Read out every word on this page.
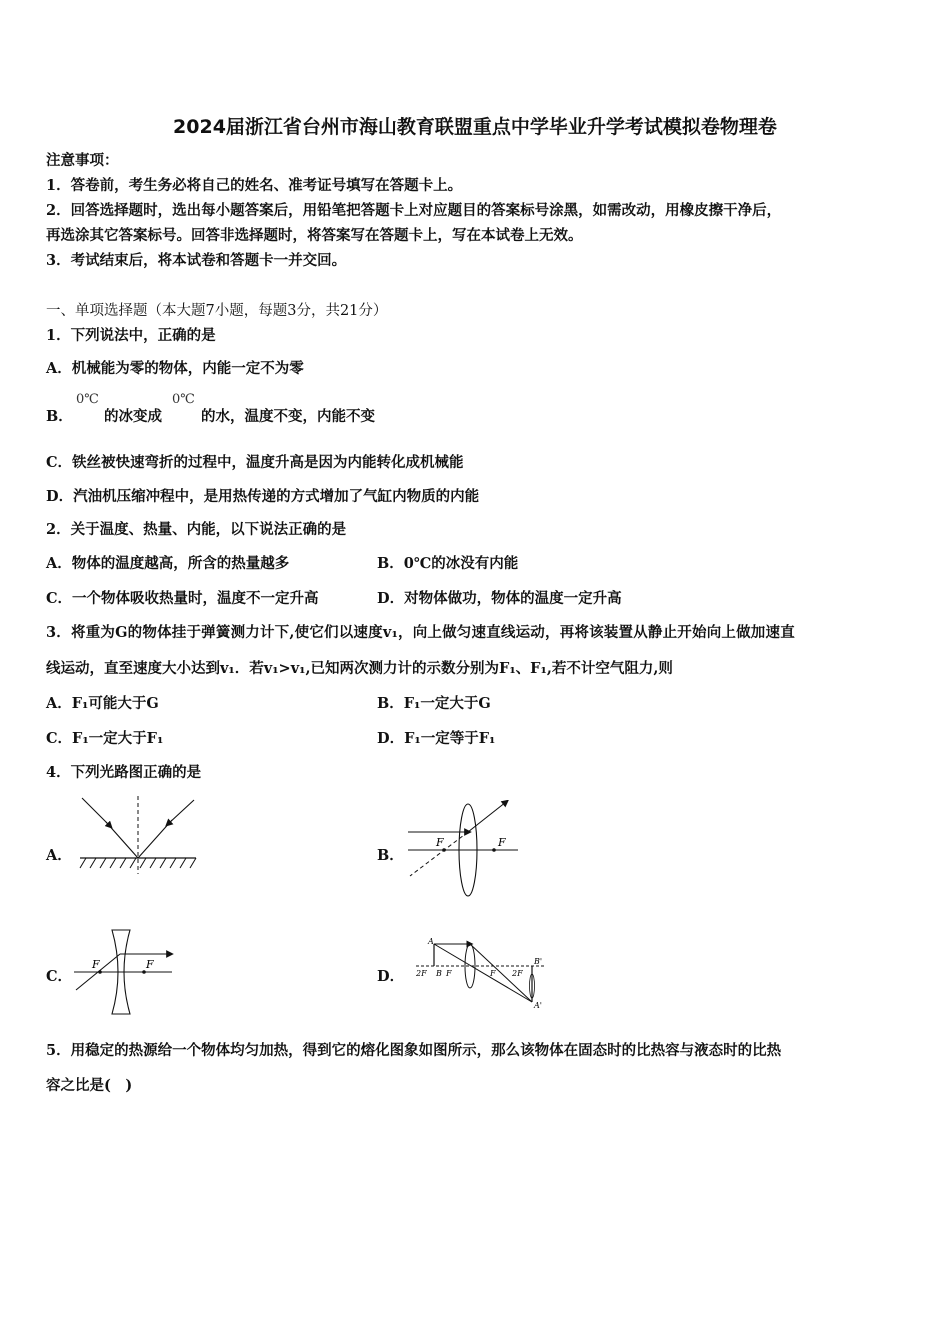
2024届浙江省台州市海山教育联盟重点中学毕业升学考试模拟卷物理卷
注意事项：
1．答卷前，考生务必将自己的姓名、准考证号填写在答题卡上。
2．回答选择题时，选出每小题答案后，用铅笔把答题卡上对应题目的答案标号涂黑，如需改动，用橡皮擦干净后，
再选涂其它答案标号。回答非选择题时，将答案写在答题卡上，写在本试卷上无效。
3．考试结束后，将本试卷和答题卡一并交回。
一、单项选择题（本大题7小题，每题3分，共21分）
1．下列说法中，正确的是
A．机械能为零的物体，内能一定不为零
B．
0℃
的冰变成
0℃
的水，温度不变，内能不变
C．铁丝被快速弯折的过程中，温度升高是因为内能转化成机械能
D．汽油机压缩冲程中，是用热传递的方式增加了气缸内物质的内能
2．关于温度、热量、内能，以下说法正确的是
A．物体的温度越高，所含的热量越多	B．0℃的冰没有内能
C．一个物体吸收热量时，温度不一定升高	D．对物体做功，物体的温度一定升高
3．将重为G的物体挂于弹簧测力计下,使它们以速度v₁，向上做匀速直线运动，再将该装置从静止开始向上做加速直
线运动，直至速度大小达到v₁．若v₁>v₁,已知两次测力计的示数分别为F₁、F₁,若不计空气阻力,则
A．F₁可能大于G	B．F₁一定大于G
C．F₁一定大于F₁	D．F₁一定等于F₁
4．下列光路图正确的是
A．	B．
F	F
C．
F	F
D．
A
B
2F F	F 2F
B'
A'
5．用稳定的热源给一个物体均匀加热，得到它的熔化图象如图所示，那么该物体在固态时的比热容与液态时的比热
容之比是(　)
